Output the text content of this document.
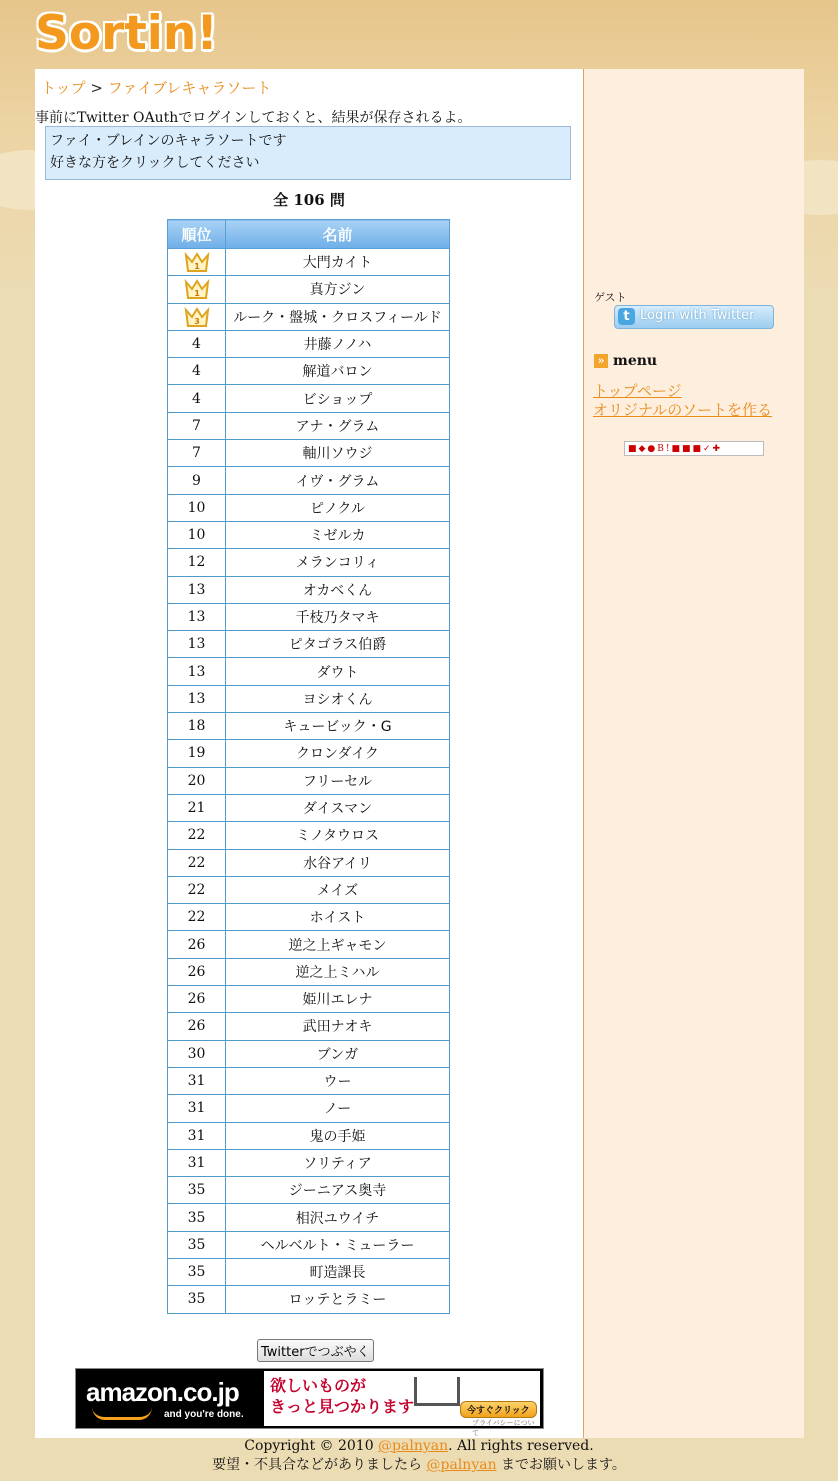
Sortin!
トップ > ファイブレキャラソート
事前にTwitter OAuthでログインしておくと、結果が保存されるよ。
ファイ・ブレインのキャラソートです
好きな方をクリックしてください
全 106 問
順位	名前

1	大門カイト

1	真方ジン

3	ルーク・盤城・クロスフィールド
4	井藤ノノハ
4	解道バロン
4	ビショップ
7	アナ・グラム
7	軸川ソウジ
9	イヴ・グラム
10	ピノクル
10	ミゼルカ
12	メランコリィ
13	オカベくん
13	千枝乃タマキ
13	ピタゴラス伯爵
13	ダウト
13	ヨシオくん
18	キュービック・G
19	クロンダイク
20	フリーセル
21	ダイスマン
22	ミノタウロス
22	水谷アイリ
22	メイズ
22	ホイスト
26	逆之上ギャモン
26	逆之上ミハル
26	姫川エレナ
26	武田ナオキ
30	ブンガ
31	ウー
31	ノー
31	鬼の手姫
31	ソリティア
35	ジーニアス奥寺
35	相沢ユウイチ
35	ヘルベルト・ミューラー
35	町造課長
35	ロッテとラミー
Twitterでつぶやく
amazon.co.jp
and you're done.
欲しいものが
きっと見つかります	今すぐクリック
プライバシーについて
ゲスト
t Login with Twitter
» menu
トップページ
オリジナルのソートを作る
■◆●B!■■■✓✚
Copyright © 2010 @palnyan. All rights reserved.
要望・不具合などがありましたら @palnyan までお願いします。
